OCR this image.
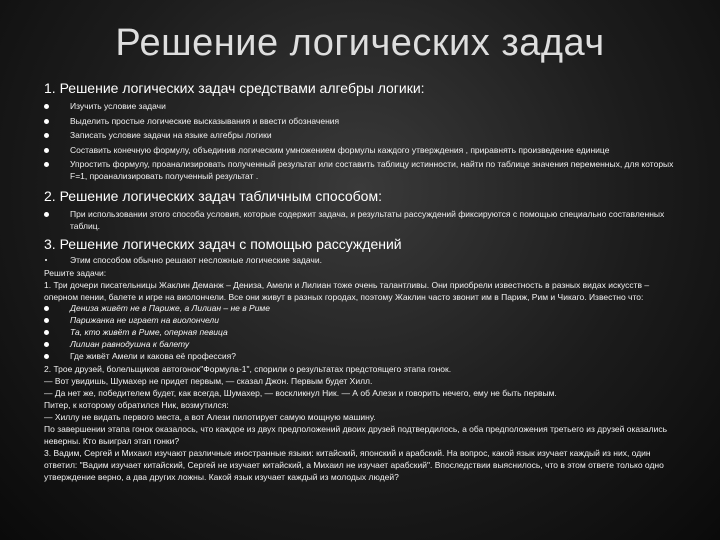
Решение логических задач
1. Решение логических задач средствами алгебры логики:
Изучить условие задачи
Выделить простые логические высказывания и ввести обозначения
Записать условие задачи на языке алгебры логики
Составить конечную формулу, объединив логическим умножением формулы каждого утверждения , приравнять произведение единице
Упростить формулу, проанализировать полученный результат или составить таблицу истинности, найти по таблице значения переменных, для которых F=1, проанализировать полученный результат .
2. Решение логических задач табличным способом:
При использовании этого способа условия, которые содержит задача, и результаты рассуждений фиксируются с помощью специально составленных таблиц.
3. Решение логических задач с помощью рассуждений
Этим способом обычно решают несложные логические задачи.
Решите задачи:
1. Три дочери писательницы Жаклин Деманж – Дениза, Амели и Лилиан тоже очень талантливы. Они приобрели известность в разных видах искусств – оперном пении, балете и игре на виолончели. Все они живут в разных городах, поэтому Жаклин часто звонит им в Париж, Рим и Чикаго. Известно что:
Дениза живёт не в Париже, а Лилиан – не в Риме
Парижанка не играет на виолончели
Та, кто живёт в Риме, оперная певица
Лилиан равнодушна к балету
Где живёт Амели и какова её профессия?
2. Трое друзей, болельщиков автогонок"Формула-1", спорили о результатах предстоящего этапа гонок.
— Вот увидишь, Шумахер не придет первым, — сказал Джон. Первым будет Хилл.
— Да нет же, победителем будет, как всегда, Шумахер, — воскликнул Ник. — А об Алези и говорить нечего, ему не быть первым.
Питер, к которому обратился Ник, возмутился:
— Хиллу не видать первого места, а вот Алези пилотирует самую мощную машину.
По завершении этапа гонок оказалось, что каждое из двух предположений двоих друзей подтвердилось, а оба предположения третьего из друзей оказались неверны. Кто выиграл этап гонки?
3. Вадим, Сергей и Михаил изучают различные иностранные языки: китайский, японский и арабский. На вопрос, какой язык изучает каждый из них, один ответил: "Вадим изучает китайский, Сергей не изучает китайский, а Михаил не изучает арабский". Впоследствии выяснилось, что в этом ответе только одно утверждение верно, а два других ложны. Какой язык изучает каждый из молодых людей?
